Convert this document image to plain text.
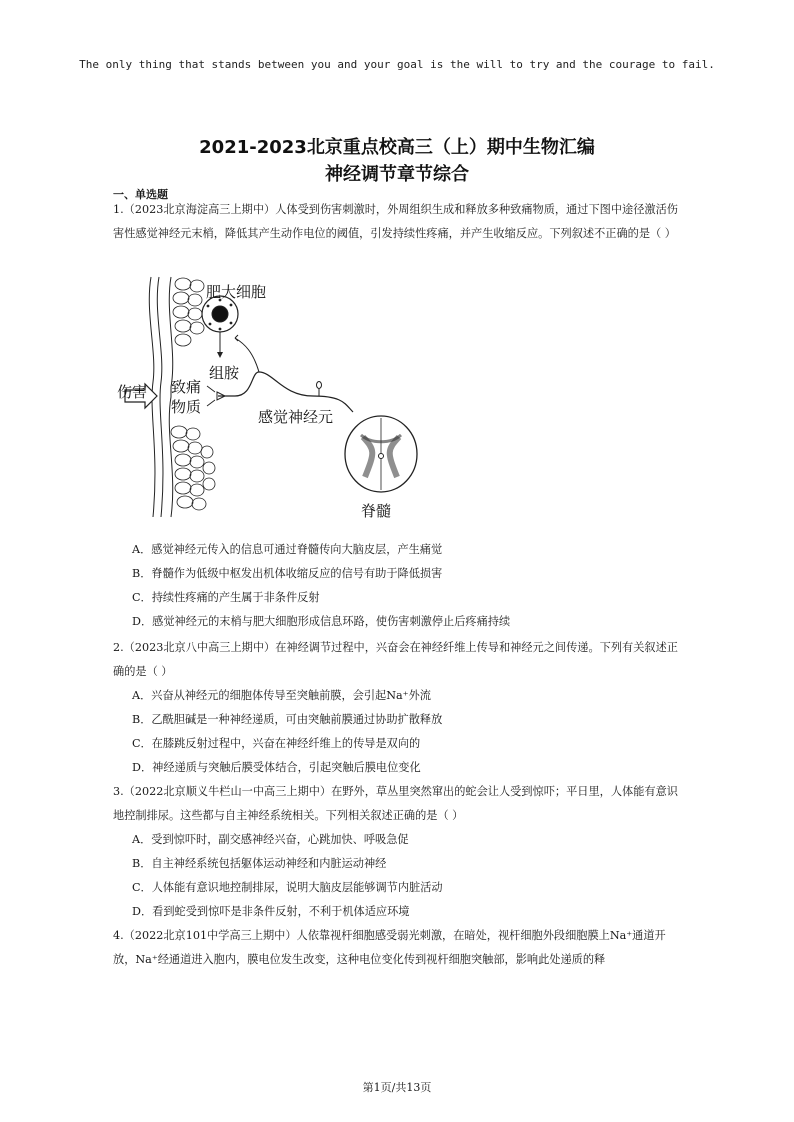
The only thing that stands between you and your goal is the will to try and the courage to fail.
2021-2023北京重点校高三（上）期中生物汇编
神经调节章节综合
一、单选题
1.（2023北京海淀高三上期中）人体受到伤害刺激时，外周组织生成和释放多种致痛物质，通过下图中途径激活伤害性感觉神经元末梢，降低其产生动作电位的阈值，引发持续性疼痛，并产生收缩反应。下列叙述不正确的是（ ）
肥大细胞
组胺
伤害 致痛
物质
感觉神经元
脊髓
A．感觉神经元传入的信息可通过脊髓传向大脑皮层，产生痛觉
B．脊髓作为低级中枢发出机体收缩反应的信号有助于降低损害
C．持续性疼痛的产生属于非条件反射
D．感觉神经元的末梢与肥大细胞形成信息环路，使伤害刺激停止后疼痛持续
2.（2023北京八中高三上期中）在神经调节过程中，兴奋会在神经纤维上传导和神经元之间传递。下列有关叙述正确的是（ ）
A．兴奋从神经元的细胞体传导至突触前膜，会引起Na⁺外流
B．乙酰胆碱是一种神经递质，可由突触前膜通过协助扩散释放
C．在膝跳反射过程中，兴奋在神经纤维上的传导是双向的
D．神经递质与突触后膜受体结合，引起突触后膜电位变化
3.（2022北京顺义牛栏山一中高三上期中）在野外，草丛里突然窜出的蛇会让人受到惊吓；平日里，人体能有意识地控制排尿。这些都与自主神经系统相关。下列相关叙述正确的是（ ）
A．受到惊吓时，副交感神经兴奋，心跳加快、呼吸急促
B．自主神经系统包括躯体运动神经和内脏运动神经
C．人体能有意识地控制排尿，说明大脑皮层能够调节内脏活动
D．看到蛇受到惊吓是非条件反射，不利于机体适应环境
4.（2022北京101中学高三上期中）人依靠视杆细胞感受弱光刺激，在暗处，视杆细胞外段细胞膜上Na⁺通道开放，Na⁺经通道进入胞内，膜电位发生改变，这种电位变化传到视杆细胞突触部，影响此处递质的释
第1页/共13页
